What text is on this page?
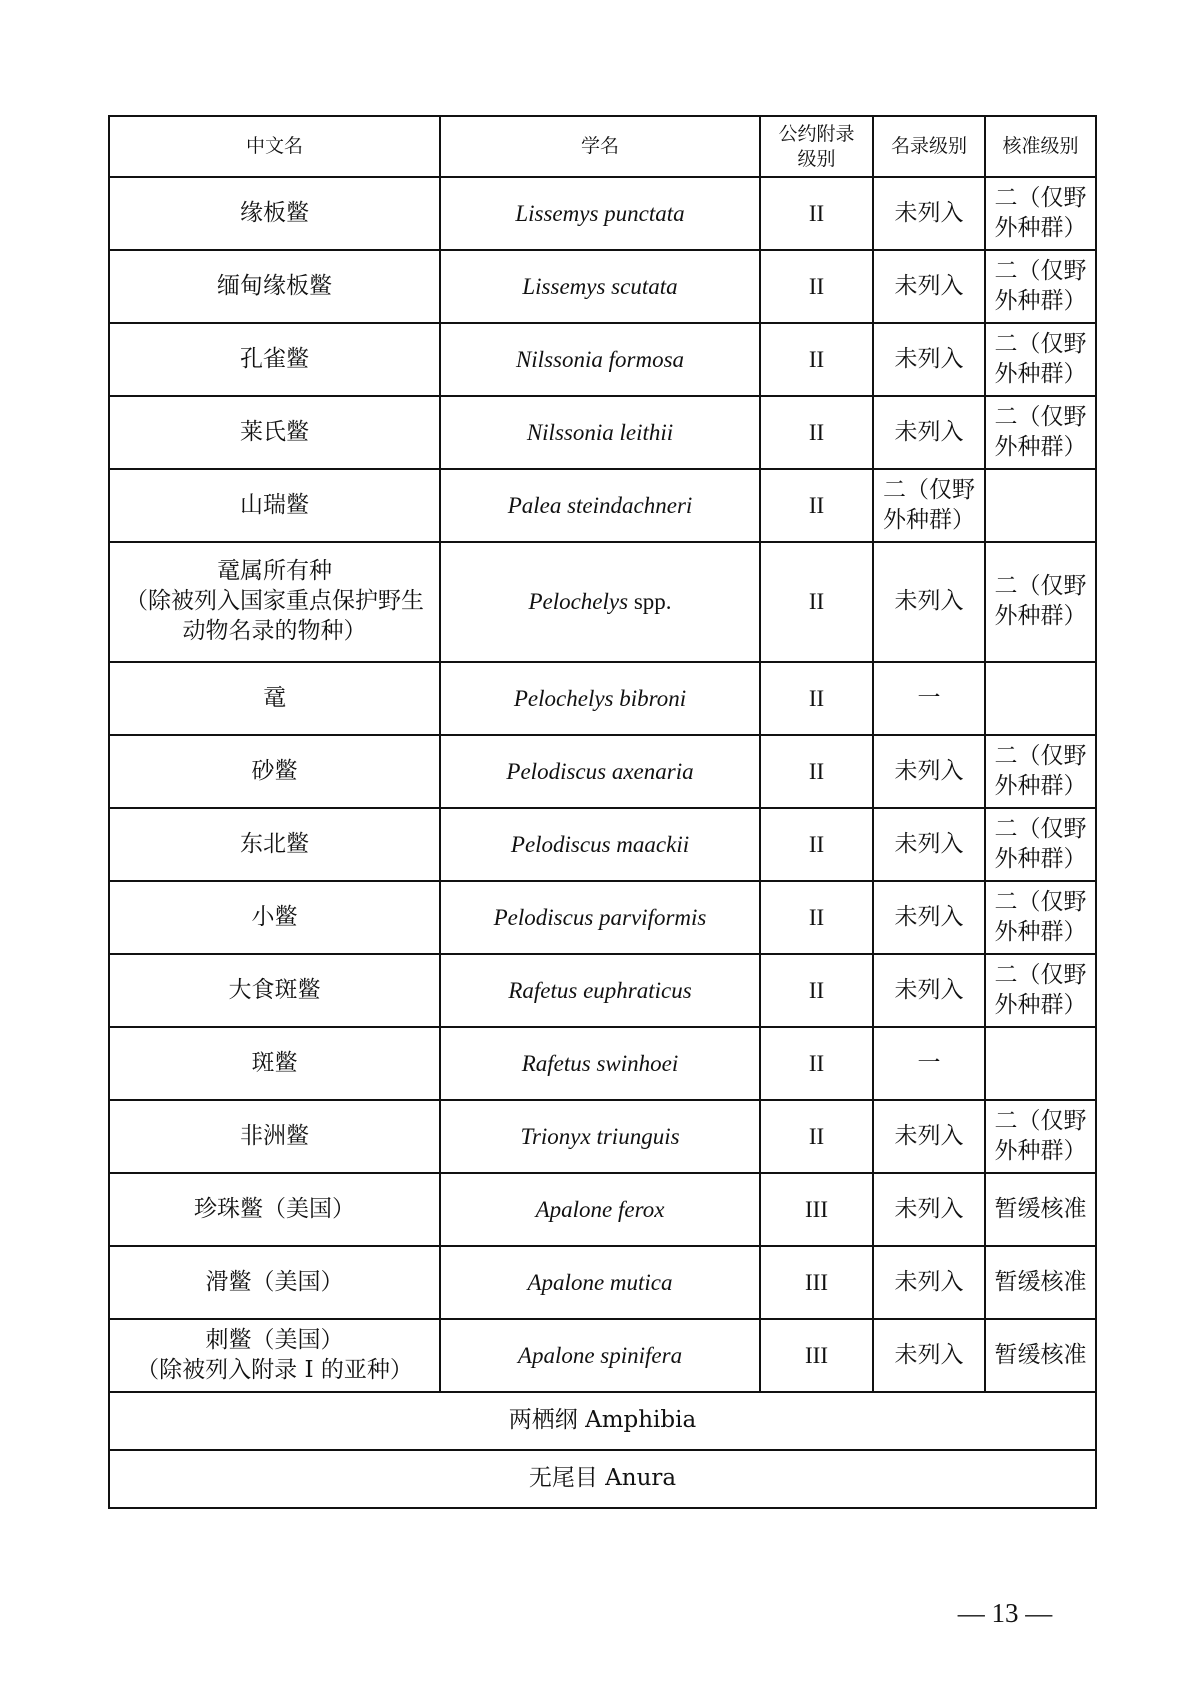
中文名	学名	公约附录级别	名录级别	核准级别
缘板鳖	Lissemys punctata	II	未列入	二（仅野外种群）
缅甸缘板鳖	Lissemys scutata	II	未列入	二（仅野外种群）
孔雀鳖	Nilssonia formosa	II	未列入	二（仅野外种群）
莱氏鳖	Nilssonia leithii	II	未列入	二（仅野外种群）
山瑞鳖	Palea steindachneri	II	二（仅野外种群）	

鼋属所有种
（除被列入国家重点保护野生动物名录的物种）	Pelochelys spp.	II	未列入	二（仅野外种群）
鼋	Pelochelys bibroni	II	一	
砂鳖	Pelodiscus axenaria	II	未列入	二（仅野外种群）
东北鳖	Pelodiscus maackii	II	未列入	二（仅野外种群）
小鳖	Pelodiscus parviformis	II	未列入	二（仅野外种群）
大食斑鳖	Rafetus euphraticus	II	未列入	二（仅野外种群）
斑鳖	Rafetus swinhoei	II	一	
非洲鳖	Trionyx triunguis	II	未列入	二（仅野外种群）
珍珠鳖（美国）	Apalone ferox	III	未列入	暂缓核准
滑鳖（美国）	Apalone mutica	III	未列入	暂缓核准

刺鳖（美国）
（除被列入附录 I 的亚种）	Apalone spinifera	III	未列入	暂缓核准
两栖纲 Amphibia				
无尾目 Anura				
— 13 —
